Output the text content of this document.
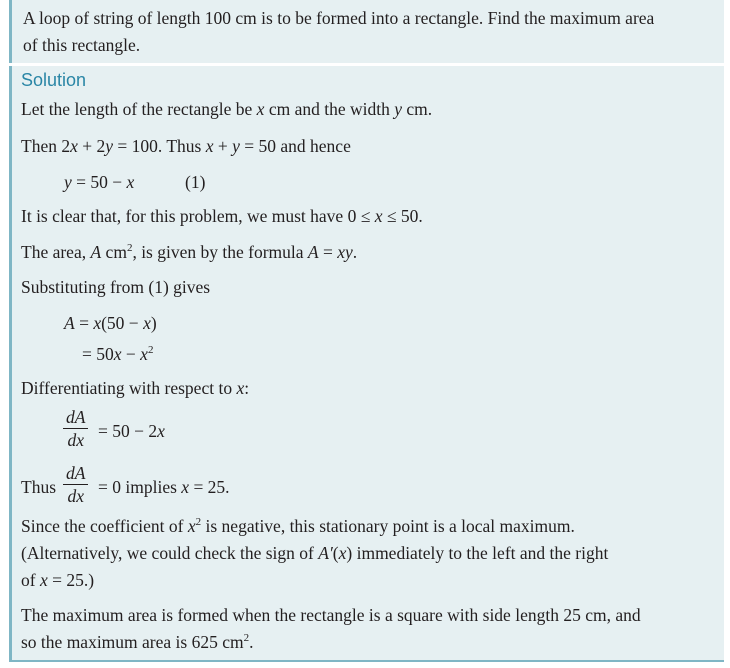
A loop of string of length 100 cm is to be formed into a rectangle. Find the maximum area
of this rectangle.
Solution
Let the length of the rectangle be x cm and the width y cm.
Then 2x + 2y = 100. Thus x + y = 50 and hence
y = 50 − x	(1)
It is clear that, for this problem, we must have 0 ≤ x ≤ 50.
The area, A $cm^2$, is given by the formula A = xy.
Substituting from (1) gives
A = x(50 − x)
= $50x - x^2$
Differentiating with respect to x:
dA
dx = 50 − 2x
Thus
dA
dx = 0 implies x = 25.
Since the coefficient of $x^2$ is negative, this stationary point is a local maximum.
(Alternatively, we could check the sign of A′(x) immediately to the left and the right
of x = 25.)
The maximum area is formed when the rectangle is a square with side length 25 cm, and
so the maximum area is 625 $cm^2$.
